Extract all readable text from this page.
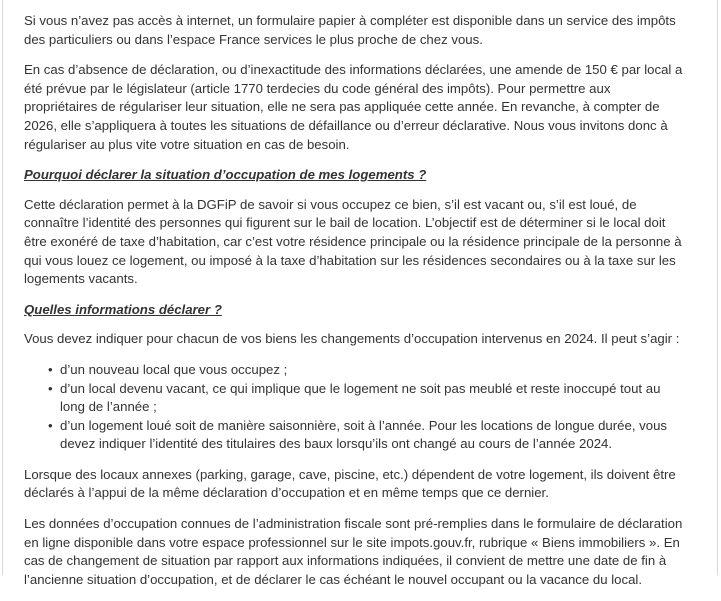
Si vous n’avez pas accès à internet, un formulaire papier à compléter est disponible dans un service des impôts des particuliers ou dans l’espace France services le plus proche de chez vous.

En cas d’absence de déclaration, ou d’inexactitude des informations déclarées, une amende de 150 € par local a été prévue par le législateur (article 1770 terdecies du code général des impôts). Pour permettre aux propriétaires de régulariser leur situation, elle ne sera pas appliquée cette année. En revanche, à compter de 2026, elle s’appliquera à toutes les situations de défaillance ou d’erreur déclarative. Nous vous invitons donc à régulariser au plus vite votre situation en cas de besoin.

Pourquoi déclarer la situation d’occupation de mes logements ?

Cette déclaration permet à la DGFiP de savoir si vous occupez ce bien, s’il est vacant ou, s’il est loué, de connaître l’identité des personnes qui figurent sur le bail de location. L’objectif est de déterminer si le local doit être exonéré de taxe d’habitation, car c’est votre résidence principale ou la résidence principale de la personne à qui vous louez ce logement, ou imposé à la taxe d’habitation sur les résidences secondaires ou à la taxe sur les logements vacants.

Quelles informations déclarer ?

Vous devez indiquer pour chacun de vos biens les changements d’occupation intervenus en 2024. Il peut s’agir :

• d’un nouveau local que vous occupez ;
• d’un local devenu vacant, ce qui implique que le logement ne soit pas meublé et reste inoccupé tout au long de l’année ;
• d’un logement loué soit de manière saisonnière, soit à l’année. Pour les locations de longue durée, vous devez indiquer l’identité des titulaires des baux lorsqu’ils ont changé au cours de l’année 2024.

Lorsque des locaux annexes (parking, garage, cave, piscine, etc.) dépendent de votre logement, ils doivent être déclarés à l’appui de la même déclaration d’occupation et en même temps que ce dernier.

Les données d’occupation connues de l’administration fiscale sont pré-remplies dans le formulaire de déclaration en ligne disponible dans votre espace professionnel sur le site impots.gouv.fr, rubrique « Biens immobiliers ». En cas de changement de situation par rapport aux informations indiquées, il convient de mettre une date de fin à l’ancienne situation d’occupation, et de déclarer le cas échéant le nouvel occupant ou la vacance du local.
